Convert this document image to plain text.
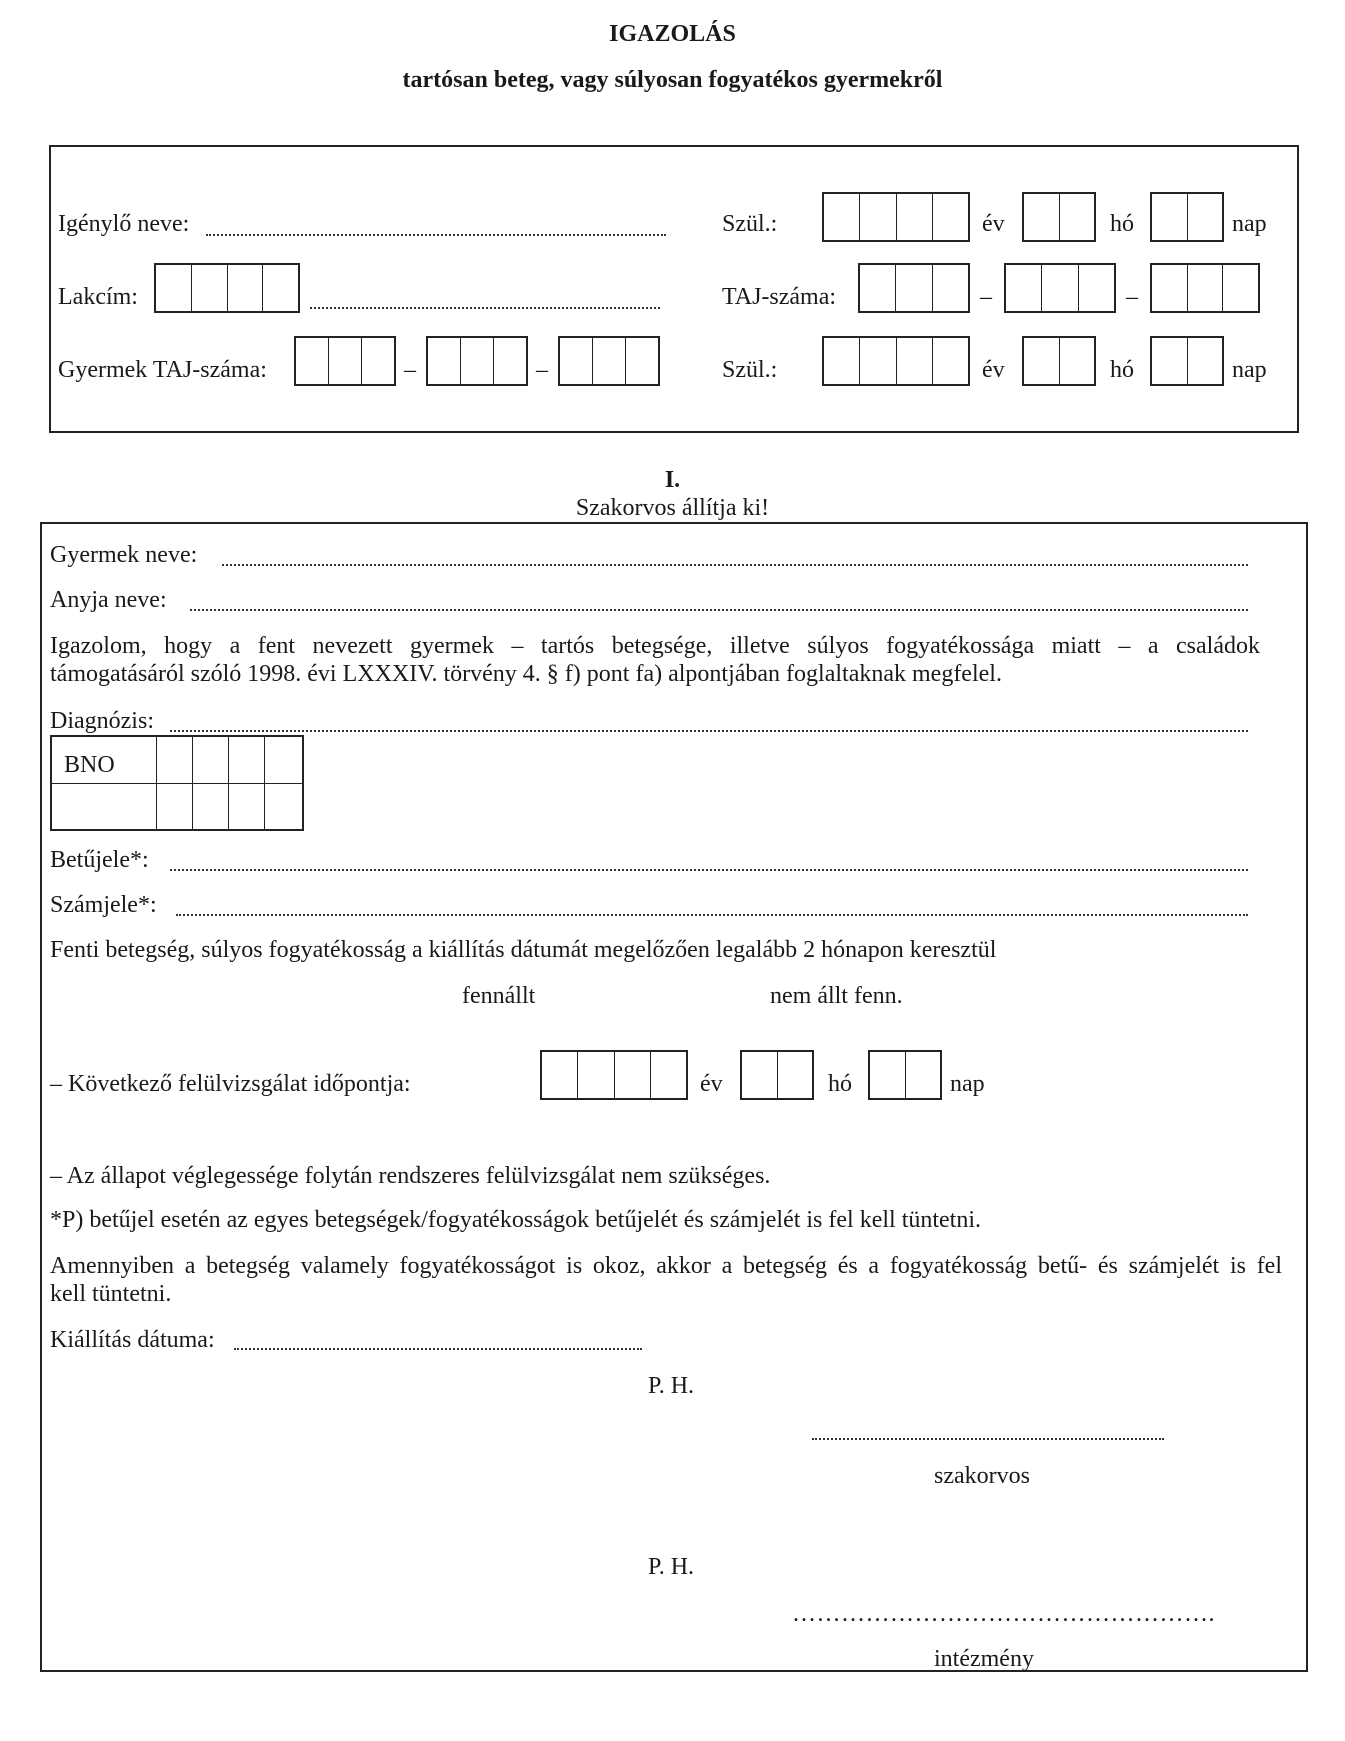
IGAZOLÁS
tartósan beteg, vagy súlyosan fogyatékos gyermekről
Igénylő neve:	Szül.:	év	hó	nap
Lakcím:	TAJ-száma:	–	–
Gyermek TAJ-száma:	–	–	Szül.:	év	hó	nap
I.
Szakorvos állítja ki!
Gyermek neve:
Anyja neve:
Igazolom, hogy a fent nevezett gyermek – tartós betegsége, illetve súlyos fogyatékossága miatt – a családok
támogatásáról szóló 1998. évi LXXXIV. törvény 4. § f) pont fa) alpontjában foglaltaknak megfelel.
Diagnózis:
BNO
Betűjele*:
Számjele*:
Fenti betegség, súlyos fogyatékosság a kiállítás dátumát megelőzően legalább 2 hónapon keresztül
fennállt	nem állt fenn.
– Következő felülvizsgálat időpontja:	év	hó	nap
– Az állapot véglegessége folytán rendszeres felülvizsgálat nem szükséges.
*P) betűjel esetén az egyes betegségek/fogyatékosságok betűjelét és számjelét is fel kell tüntetni.
Amennyiben a betegség valamely fogyatékosságot is okoz, akkor a betegség és a fogyatékosság betű- és számjelét is fel
kell tüntetni.
Kiállítás dátuma:
P. H.
szakorvos
P. H.
…………………………………………….
intézmény
